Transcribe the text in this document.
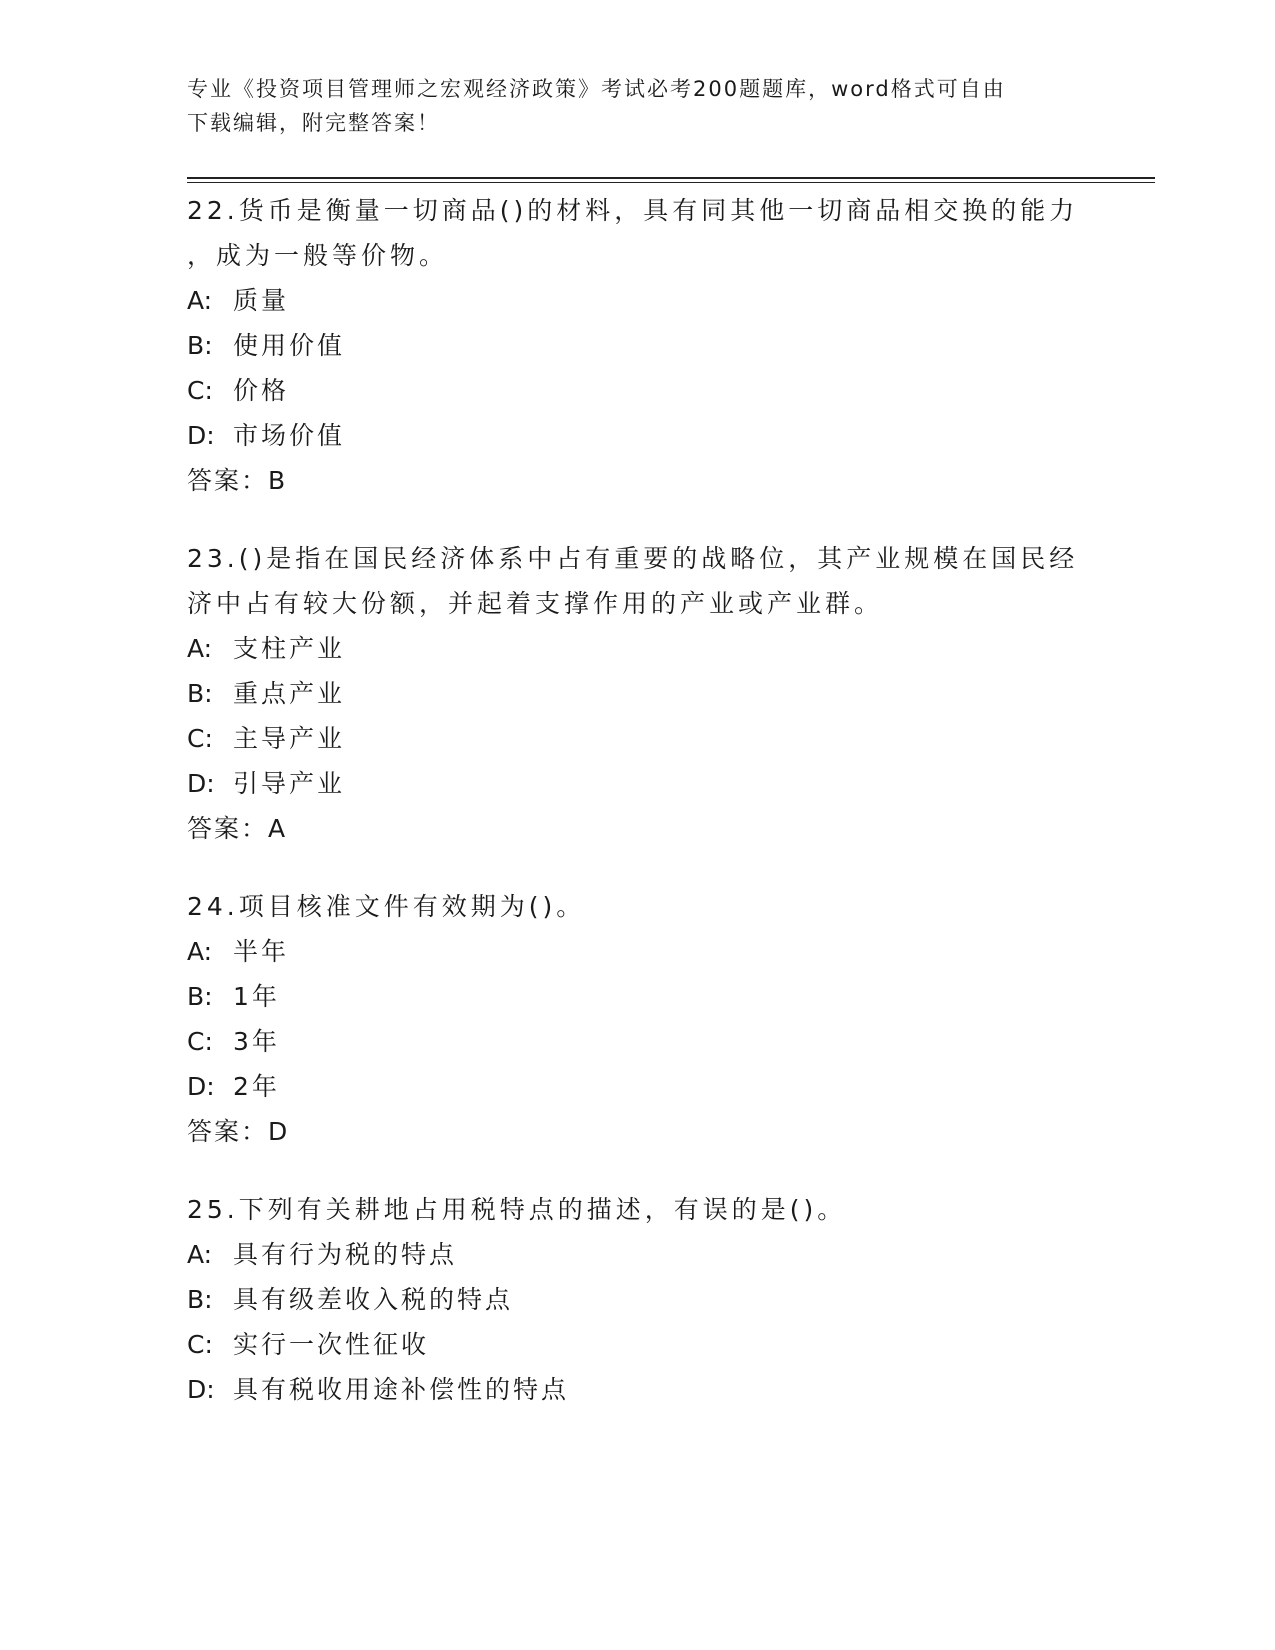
专业《投资项目管理师之宏观经济政策》考试必考200题题库，word格式可自由
下载编辑，附完整答案！
22.货币是衡量一切商品()的材料，具有同其他一切商品相交换的能力
，成为一般等价物。
A: 质量
B: 使用价值
C: 价格
D: 市场价值
答案：B
23.()是指在国民经济体系中占有重要的战略位，其产业规模在国民经
济中占有较大份额，并起着支撑作用的产业或产业群。
A: 支柱产业
B: 重点产业
C: 主导产业
D: 引导产业
答案：A
24.项目核准文件有效期为()。
A: 半年
B: 1年
C: 3年
D: 2年
答案：D
25.下列有关耕地占用税特点的描述，有误的是()。
A: 具有行为税的特点
B: 具有级差收入税的特点
C: 实行一次性征收
D: 具有税收用途补偿性的特点
